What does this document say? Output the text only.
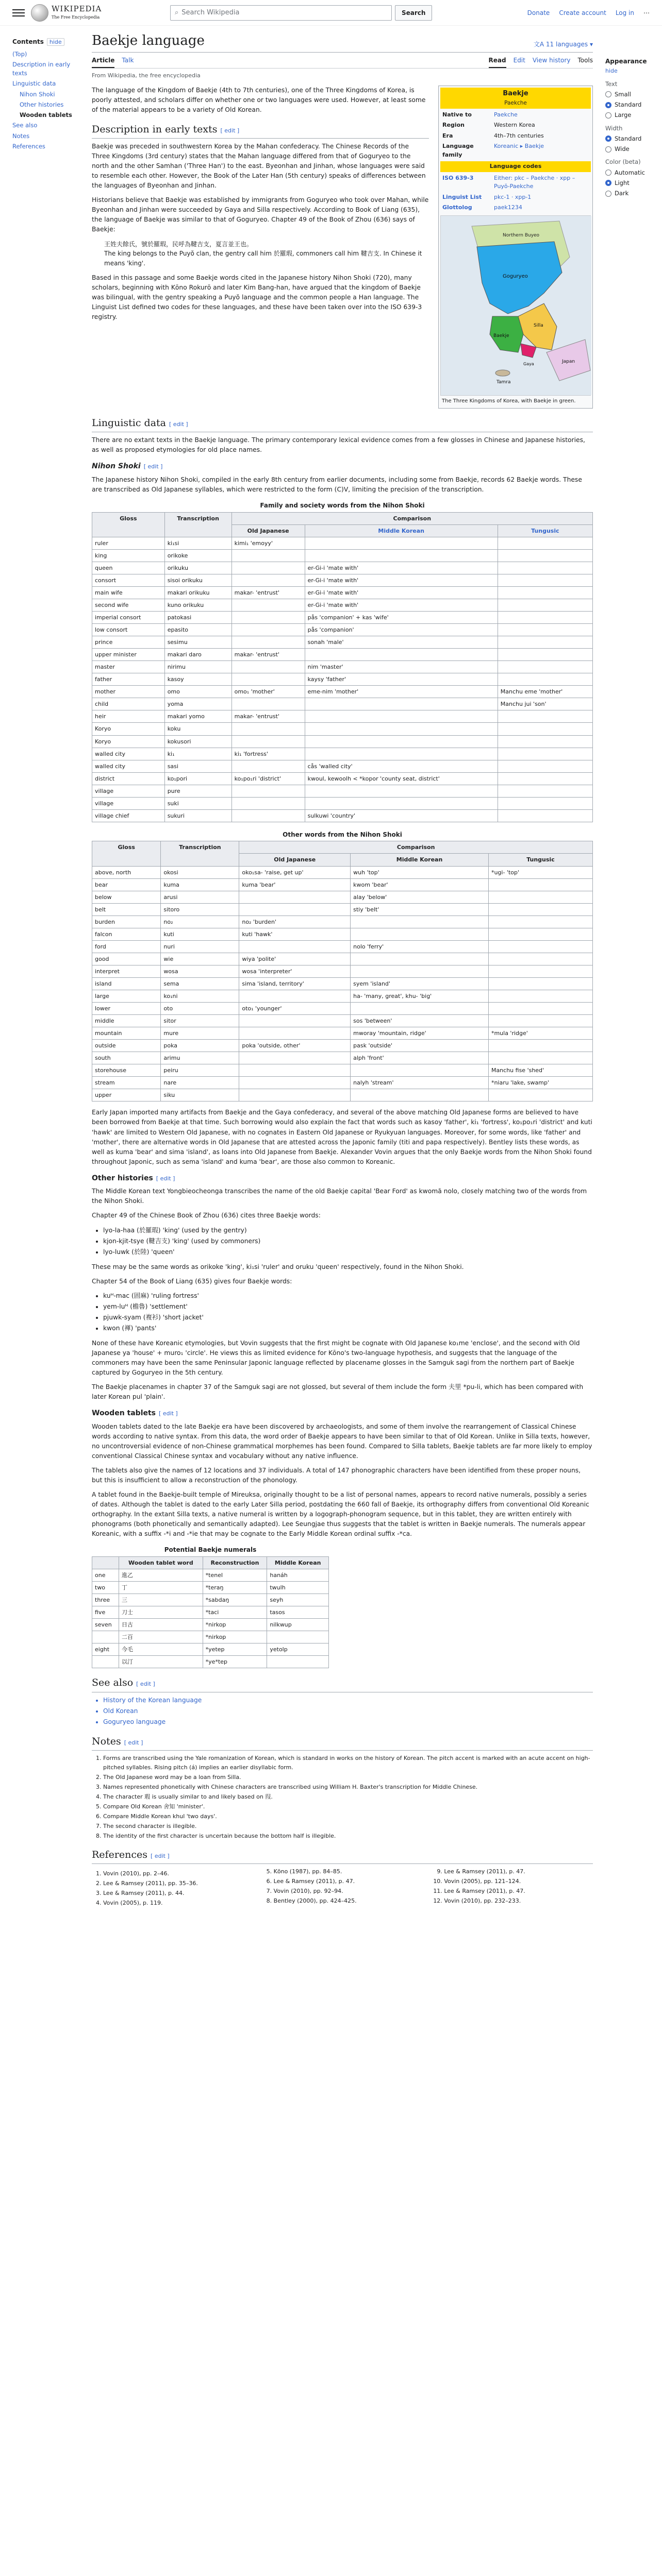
WIKIPEDIA
The Free Encyclopedia
⌕ Search Wikipedia	Search	Donate Create account Log in ⋯
Contents hide
(Top)
Description in early texts
Linguistic data
Nihon Shoki
Other histories
Wooden tablets
See also
Notes
References
Baekje language	文A 11 languages ▾
Article Talk	Read Edit View history Tools
From Wikipedia, the free encyclopedia

The language of the Kingdom of Baekje (4th to 7th centuries), one of the Three Kingdoms of Korea, is poorly attested, and scholars differ on whether one or two languages were used. However, at least some of the material appears to be a variety of Old Korean.

Description in early texts [ edit ]

Baekje was preceded in southwestern Korea by the Mahan confederacy. The Chinese Records of the Three Kingdoms (3rd century) states that the Mahan language differed from that of Goguryeo to the north and the other Samhan ('Three Han') to the east. Byeonhan and Jinhan, whose languages were said to resemble each other. However, the Book of the Later Han (5th century) speaks of differences between the languages of Byeonhan and Jinhan.

Historians believe that Baekje was established by immigrants from Goguryeo who took over Mahan, while Byeonhan and Jinhan were succeeded by Gaya and Silla respectively. According to Book of Liang (635), the language of Baekje was similar to that of Goguryeo. Chapter 49 of the Book of Zhou (636) says of Baekje:

王姓夫餘氏，號於羅瑕，民呼為鞬吉支，夏言並王也。
The king belongs to the Puyŏ clan, the gentry call him 於羅瑕, commoners call him 鞬吉支. In Chinese it means 'king'.

Based in this passage and some Baekje words cited in the Japanese history Nihon Shoki (720), many scholars, beginning with Kōno Rokurō and later Kim Bang-han, have argued that the kingdom of Baekje was bilingual, with the gentry speaking a Puyŏ language and the common people a Han language. The Linguist List defined two codes for these languages, and these have been taken over into the ISO 639-3 registry.

Baekje
Paekche
Native to	Paekche
Region	Western Korea
Era	4th–7th centuries
Language family	Koreanic ▸ Baekje
Language codes
ISO 639-3	Either: pkc – Paekche · xpp – Puyŏ-Paekche
Linguist List	pkc-1 · xpp-1
Glottolog	paek1234
Northern Buyeo
Goguryeo
Silla
Baekje
Gaya
Tamra
Japan
The Three Kingdoms of Korea, with Baekje in green.
Linguistic data [ edit ]

There are no extant texts in the Baekje language. The primary contemporary lexical evidence comes from a few glosses in Chinese and Japanese histories, as well as proposed etymologies for old place names.

Nihon Shoki [ edit ]

The Japanese history Nihon Shoki, compiled in the early 8th century from earlier documents, including some from Baekje, records 62 Baekje words. These are transcribed as Old Japanese syllables, which were restricted to the form (C)V, limiting the precision of the transcription.

Family and society words from the Nihon Shoki
Gloss	Transcription	Comparison		
		Old Japanese	Middle Korean	Tungusic
ruler	ki₁si	kimi₁ 'emoyy'		
king	orikoke			
queen	orikuku		er-Gi-i 'mate with'	
consort	sisoi orikuku		er-Gi-i 'mate with'	
main wife	makari orikuku	makar- 'entrust'	er-Gi-i 'mate with'	
second wife	kuno orikuku		er-Gi-i 'mate with'	
imperial consort	patokasi		pås 'companion' + kas 'wife'	
low consort	epasito		pås 'companion'	
prince	sesimu		sonah 'male'	
upper minister	makari daro	makar- 'entrust'		
master	nirimu		nim 'master'	
father	kasoy		kaysy 'father'	
mother	omo	omo₁ 'mother'	eme-nim 'mother'	Manchu eme 'mother'
child	yoma			Manchu jui 'son'
heir	makari yomo	makar- 'entrust'		
Koryo	koku			
Koryo	kokusori			
walled city	ki₁	ki₁ 'fortress'		
walled city	sasi		cås 'walled city'	
district	ko₁pori	ko₁po₁ri 'district'	kwoul, kewoolh < *kopor 'county seat, district'	
village	pure			
village	suki			
village chief	sukuri		sulkuwi 'country'	
Other words from the Nihon Shoki
Gloss	Transcription	Comparison		
		Old Japanese	Middle Korean	Tungusic
above, north	okosi	oko₁sa- 'raise, get up'	wuh 'top'	*ugi- 'top'
bear	kuma	kuma 'bear'	kwom 'bear'	
below	arusi		alay 'below'	
belt	sitoro		stiy 'belt'	
burden	no₂	no₂ 'burden'		
falcon	kuti	kuti 'hawk'		
ford	nuri		nolo 'ferry'	
good	wie	wiya 'polite'		
interpret	wosa	wosa 'interpreter'		
island	sema	sima 'island, territory'	syem 'island'	
large	ko₁ni		ha- 'many, great', khu- 'big'	
lower	oto	oto₁ 'younger'		
middle	sitor		sos 'between'	
mountain	mure		mworay 'mountain, ridge'	*mula 'ridge'
outside	poka	poka 'outside, other'	pask 'outside'	
south	arimu		alph 'front'	
storehouse	peiru			Manchu fise 'shed'
stream	nare		nalyh 'stream'	*niaru 'lake, swamp'
upper	siku			

Early Japan imported many artifacts from Baekje and the Gaya confederacy, and several of the above matching Old Japanese forms are believed to have been borrowed from Baekje at that time. Such borrowing would also explain the fact that words such as kasoy 'father', ki₁ 'fortress', ko₁po₁ri 'district' and kuti 'hawk' are limited to Western Old Japanese, with no cognates in Eastern Old Japanese or Ryukyuan languages. Moreover, for some words, like 'father' and 'mother', there are alternative words in Old Japanese that are attested across the Japonic family (titi and papa respectively). Bentley lists these words, as well as kuma 'bear' and sima 'island', as loans into Old Japanese from Baekje. Alexander Vovin argues that the only Baekje words from the Nihon Shoki found throughout Japonic, such as sema 'island' and kuma 'bear', are those also common to Koreanic.

Other histories [ edit ]

The Middle Korean text Yongbieocheonga transcribes the name of the old Baekje capital 'Bear Ford' as kwomă nolo, closely matching two of the words from the Nihon Shoki.

Chapter 49 of the Chinese Book of Zhou (636) cites three Baekje words:

• lyo-la-haa (於羅瑕) 'king' (used by the gentry)
• kjon-kjit-tsye (鞬吉支) 'king' (used by commoners)
• lyo-luwk (於陸) 'queen'

These may be the same words as orikoke 'king', ki₁si 'ruler' and oruku 'queen' respectively, found in the Nihon Shoki.

Chapter 54 of the Book of Liang (635) gives four Baekje words:

• kuᴴ-mac (固麻) 'ruling fortress'
• yem-luᴴ (檐魯) 'settlement'
• pjuwk-syam (複衫) 'short jacket'
• kwon (褌) 'pants'

None of these have Koreanic etymologies, but Vovin suggests that the first might be cognate with Old Japanese ko₁me 'enclose', and the second with Old Japanese ya 'house' + muro₁ 'circle'. He views this as limited evidence for Kōno's two-language hypothesis, and suggests that the language of the commoners may have been the same Peninsular Japonic language reflected by placename glosses in the Samguk sagi from the northern part of Baekje captured by Goguryeo in the 5th century.

The Baekje placenames in chapter 37 of the Samguk sagi are not glossed, but several of them include the form 夫里 *pu-li, which has been compared with later Korean pul 'plain'.

Wooden tablets [ edit ]

Wooden tablets dated to the late Baekje era have been discovered by archaeologists, and some of them involve the rearrangement of Classical Chinese words according to native syntax. From this data, the word order of Baekje appears to have been similar to that of Old Korean. Unlike in Silla texts, however, no uncontroversial evidence of non-Chinese grammatical morphemes has been found. Compared to Silla tablets, Baekje tablets are far more likely to employ conventional Classical Chinese syntax and vocabulary without any native influence.

The tablets also give the names of 12 locations and 37 individuals. A total of 147 phonographic characters have been identified from these proper nouns, but this is insufficient to allow a reconstruction of the phonology.

A tablet found in the Baekje-built temple of Mireuksa, originally thought to be a list of personal names, appears to record native numerals, possibly a series of dates. Although the tablet is dated to the early Later Silla period, postdating the 660 fall of Baekje, its orthography differs from conventional Old Koreanic orthography. In the extant Silla texts, a native numeral is written by a logograph-phonogram sequence, but in this tablet, they are written entirely with phonograms (both phonetically and semantically adapted). Lee Seungjae thus suggests that the tablet is written in Baekje numerals. The numerals appear Koreanic, with a suffix -*i and -*ie that may be cognate to the Early Middle Korean ordinal suffix -*ca.

Potential Baekje numerals
	Wooden tablet word	Reconstruction	Middle Korean
one	進乙	*tenel	hanáh
two	丁	*teraŋ	twulh
three	三	*sabdaŋ	seyh
five	刀士	*taci	tasos
seven	日古	*nirkop	nilkwup
	二百	*nirkop	
eight	今毛	*yetep	yetolp
	以汀	*ye*tep	
See also [ edit ]
• History of the Korean language
• Old Korean
• Goguryeo language
Notes [ edit ]
1. Forms are transcribed using the Yale romanization of Korean, which is standard in works on the history of Korean. The pitch accent is marked with an acute accent on high-pitched syllables. Rising pitch (á) implies an earlier disyllabic form.
2. The Old Japanese word may be a loan from Silla.
3. Names represented phonetically with Chinese characters are transcribed using William H. Baxter's transcription for Middle Chinese.
4. The character 瑕 is usually similar to and likely based on 叚.
5. Compare Old Korean 舍知 'minister'.
6. Compare Middle Korean khul 'two days'.
7. The second character is illegible.
8. The identity of the first character is uncertain because the bottom half is illegible.
References [ edit ]
1. Vovin (2010), pp. 2–46.
2. Lee & Ramsey (2011), pp. 35–36.
3. Lee & Ramsey (2011), p. 44.
4. Vovin (2005), p. 119.
5. Kōno (1987), pp. 84–85.
6. Lee & Ramsey (2011), p. 47.
7. Vovin (2010), pp. 92–94.
8. Bentley (2000), pp. 424–425.
9. Lee & Ramsey (2011), p. 47.
10. Vovin (2005), pp. 121–124.
11. Lee & Ramsey (2011), p. 47.
12. Vovin (2010), pp. 232–233.
Appearance hide
Text
Small
Standard
Large
Width
Standard
Wide
Color (beta)
Automatic
Light
Dark
